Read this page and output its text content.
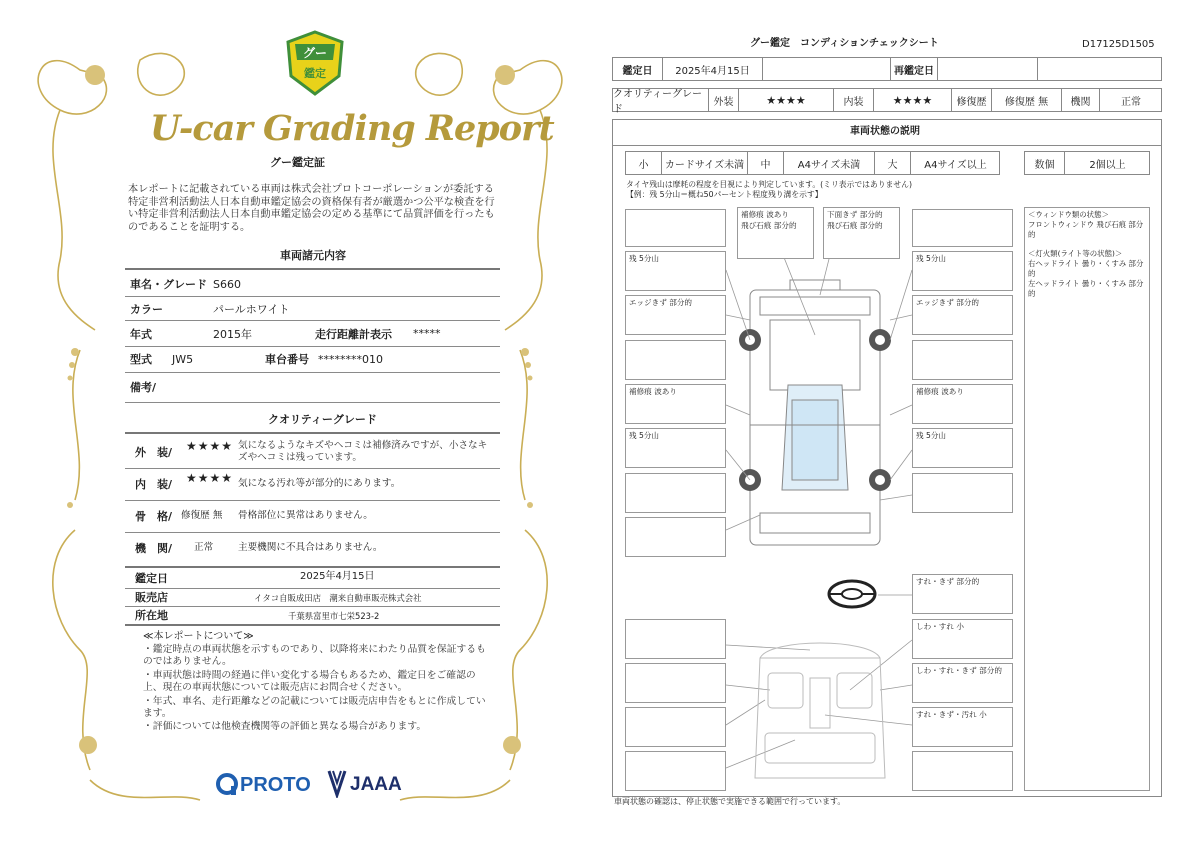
グー
鑑定
U-car Grading Report
グー鑑定証
本レポートに記載されている車両は株式会社プロトコーポレーションが委託する特定非営利活動法人日本自動車鑑定協会の資格保有者が厳選かつ公平な検査を行い特定非営利活動法人日本自動車鑑定協会の定める基準にて品質評価を行ったものであることを証明する。
車両諸元内容
車名・グレード S660
カラー	パールホワイト
年式	2015年	走行距離計表示 *****
型式 JW5	車台番号 ********010
備考/
クオリティーグレード
外　装/ ★★★★ 気になるようなキズやヘコミは補修済みですが、小さなキズやヘコミは残っています。
内　装/ ★★★★ 気になる汚れ等が部分的にあります。
骨　格/ 修復歴 無 骨格部位に異常はありません。
機　関/ 正常	主要機関に不具合はありません。
鑑定日	2025年4月15日
販売店	イタコ自販成田店　潮来自動車販売株式会社
所在地	千葉県富里市七栄523-2
≪本レポートについて≫
・鑑定時点の車両状態を示すものであり、以降将来にわたり品質を保証するものではありません。
・車両状態は時間の経過に伴い変化する場合もあるため、鑑定日をご確認の上、現在の車両状態については販売店にお問合せください。
・年式、車名、走行距離などの記載については販売店申告をもとに作成しています。
・評価については他検査機関等の評価と異なる場合があります。
PROTO JAAA
グー鑑定　コンディションチェックシート	D17125D1505
鑑定日	2025年4月15日	再鑑定日
クオリティーグレード
外装	★★★★	内装	★★★★	修復歴	修復歴 無	機関	正常
車両状態の説明
小	カードサイズ未満	中	A4サイズ未満	大	A4サイズ以上	数個	2個以上
タイヤ残山は摩耗の程度を目視により判定しています。(ミリ表示ではありません)
【例：残 5分山＝概ね50パーセント程度残り溝を示す】
残 5分山
エッジきず 部分的
補修痕 波あり
残 5分山
補修痕 波あり
飛び石痕 部分的
下面きず 部分的
飛び石痕 部分的
残 5分山
エッジきず 部分的
補修痕 波あり
残 5分山
すれ・きず 部分的
しわ・すれ 小
しわ・すれ・きず 部分的
すれ・きず・汚れ 小
＜ウィンドウ類の状態＞
フロントウィンドウ 飛び石痕 部分的
＜灯火類(ライト等の状態)＞
右ヘッドライト 曇り・くすみ 部分的
左ヘッドライト 曇り・くすみ 部分的
車両状態の確認は、停止状態で実施できる範囲で行っています。
